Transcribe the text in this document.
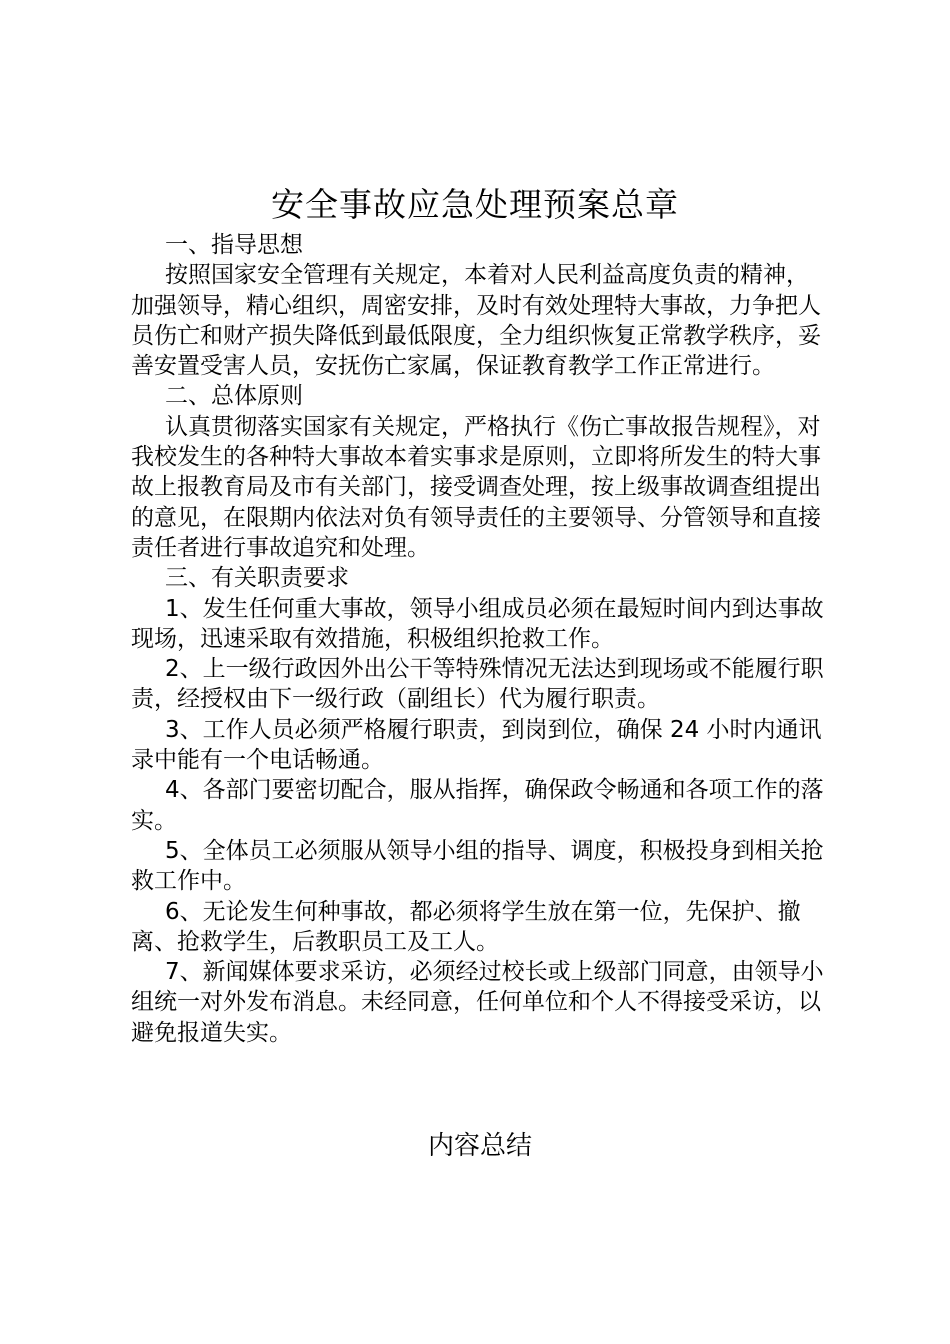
安全事故应急处理预案总章

一、指导思想

按照国家安全管理有关规定，本着对人民利益高度负责的精神，加强领导，精心组织，周密安排，及时有效处理特大事故，力争把人员伤亡和财产损失降低到最低限度，全力组织恢复正常教学秩序，妥善安置受害人员，安抚伤亡家属，保证教育教学工作正常进行。

二、总体原则

认真贯彻落实国家有关规定，严格执行《伤亡事故报告规程》，对我校发生的各种特大事故本着实事求是原则，立即将所发生的特大事故上报教育局及市有关部门，接受调查处理，按上级事故调查组提出的意见，在限期内依法对负有领导责任的主要领导、分管领导和直接责任者进行事故追究和处理。

三、有关职责要求

1、发生任何重大事故，领导小组成员必须在最短时间内到达事故现场，迅速采取有效措施，积极组织抢救工作。

2、上一级行政因外出公干等特殊情况无法达到现场或不能履行职责，经授权由下一级行政（副组长）代为履行职责。

3、工作人员必须严格履行职责，到岗到位，确保 24 小时内通讯录中能有一个电话畅通。

4、各部门要密切配合，服从指挥，确保政令畅通和各项工作的落实。

5、全体员工必须服从领导小组的指导、调度，积极投身到相关抢救工作中。

6、无论发生何种事故，都必须将学生放在第一位，先保护、撤离、抢救学生，后教职员工及工人。

7、新闻媒体要求采访，必须经过校长或上级部门同意，由领导小组统一对外发布消息。未经同意，任何单位和个人不得接受采访，以避免报道失实。

内容总结
